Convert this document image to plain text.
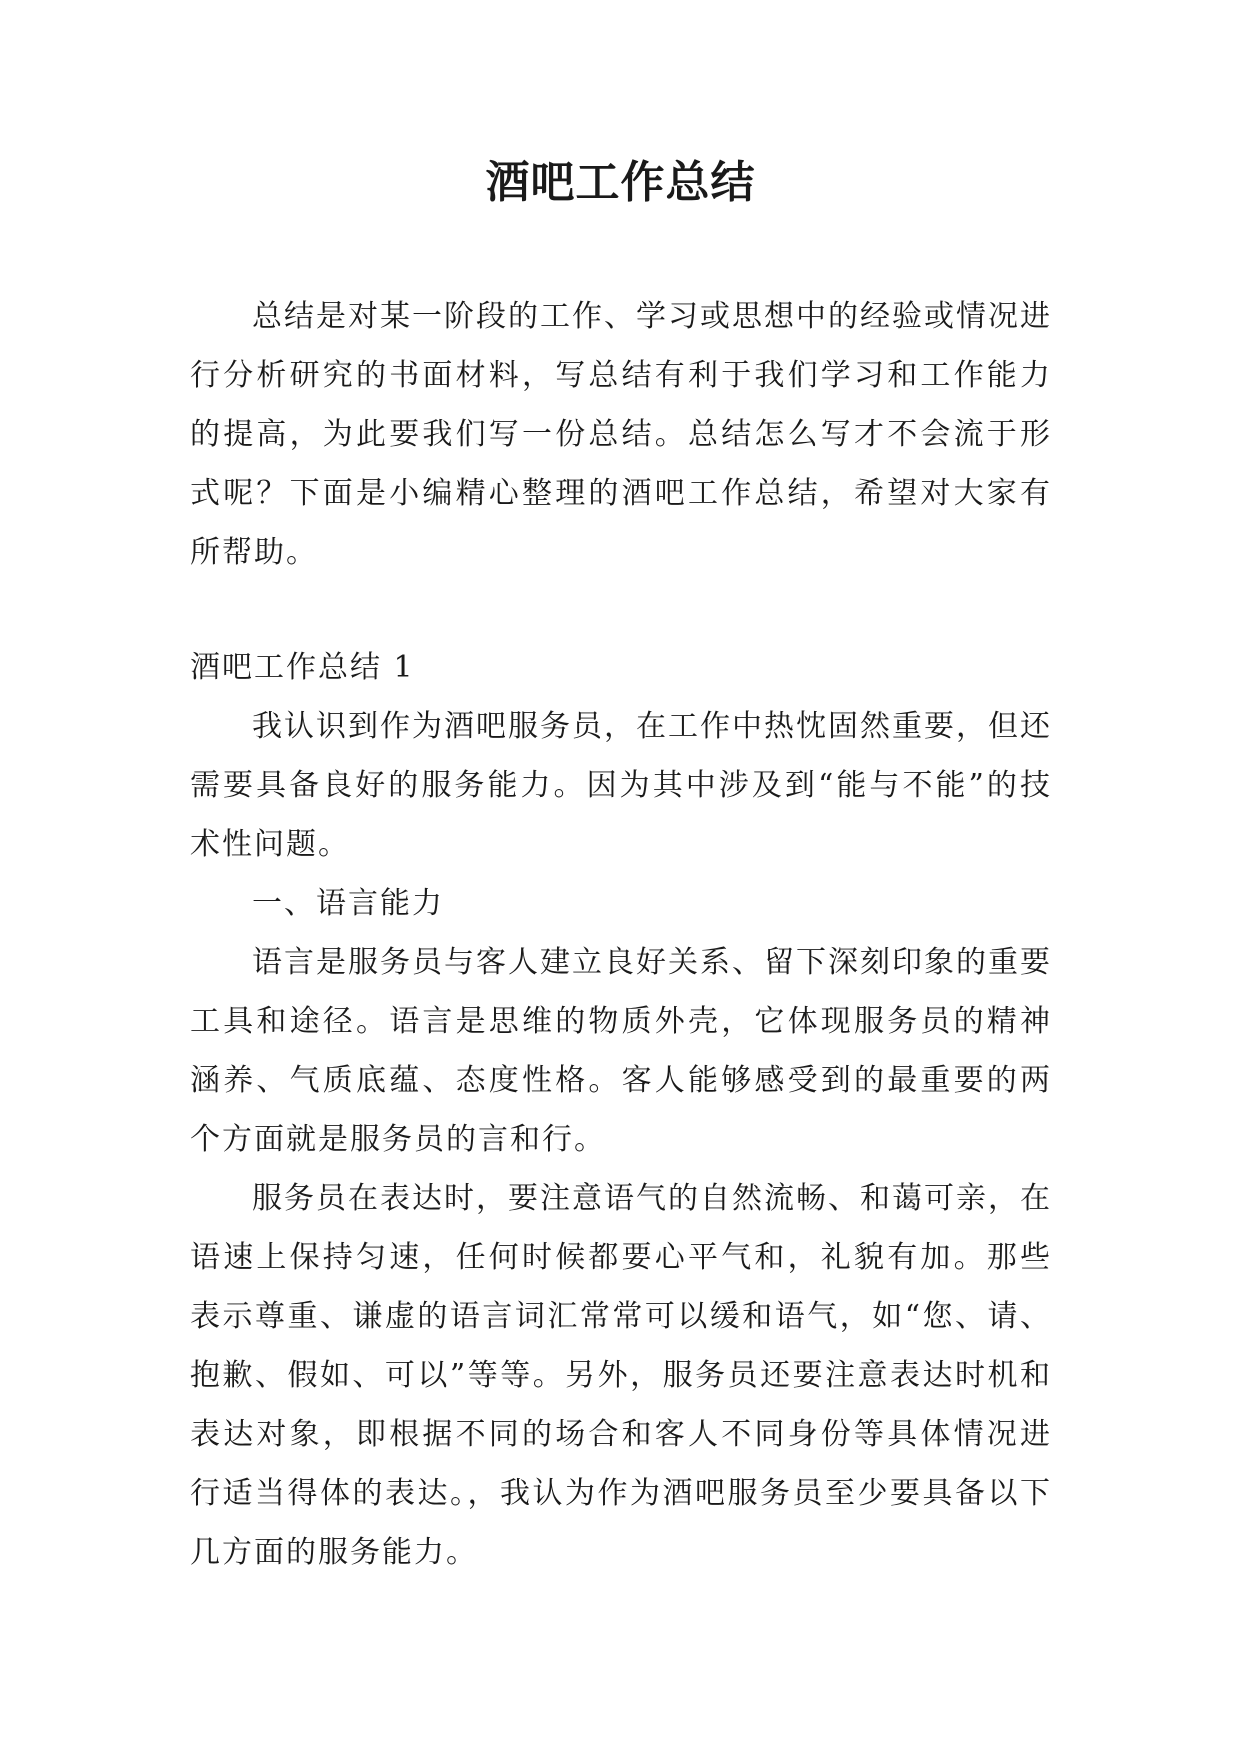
酒吧工作总结

总结是对某一阶段的工作、学习或思想中的经验或情况进行分析研究的书面材料，写总结有利于我们学习和工作能力的提高，为此要我们写一份总结。总结怎么写才不会流于形式呢？下面是小编精心整理的酒吧工作总结，希望对大家有所帮助。

酒吧工作总结 1

我认识到作为酒吧服务员，在工作中热忱固然重要，但还需要具备良好的服务能力。因为其中涉及到“能与不能”的技术性问题。

一、语言能力

语言是服务员与客人建立良好关系、留下深刻印象的重要工具和途径。语言是思维的物质外壳，它体现服务员的精神涵养、气质底蕴、态度性格。客人能够感受到的最重要的两个方面就是服务员的言和行。

服务员在表达时，要注意语气的自然流畅、和蔼可亲，在语速上保持匀速，任何时候都要心平气和，礼貌有加。那些表示尊重、谦虚的语言词汇常常可以缓和语气，如“您、请、抱歉、假如、可以”等等。另外，服务员还要注意表达时机和表达对象，即根据不同的场合和客人不同身份等具体情况进行适当得体的表达。，我认为作为酒吧服务员至少要具备以下几方面的服务能力。
